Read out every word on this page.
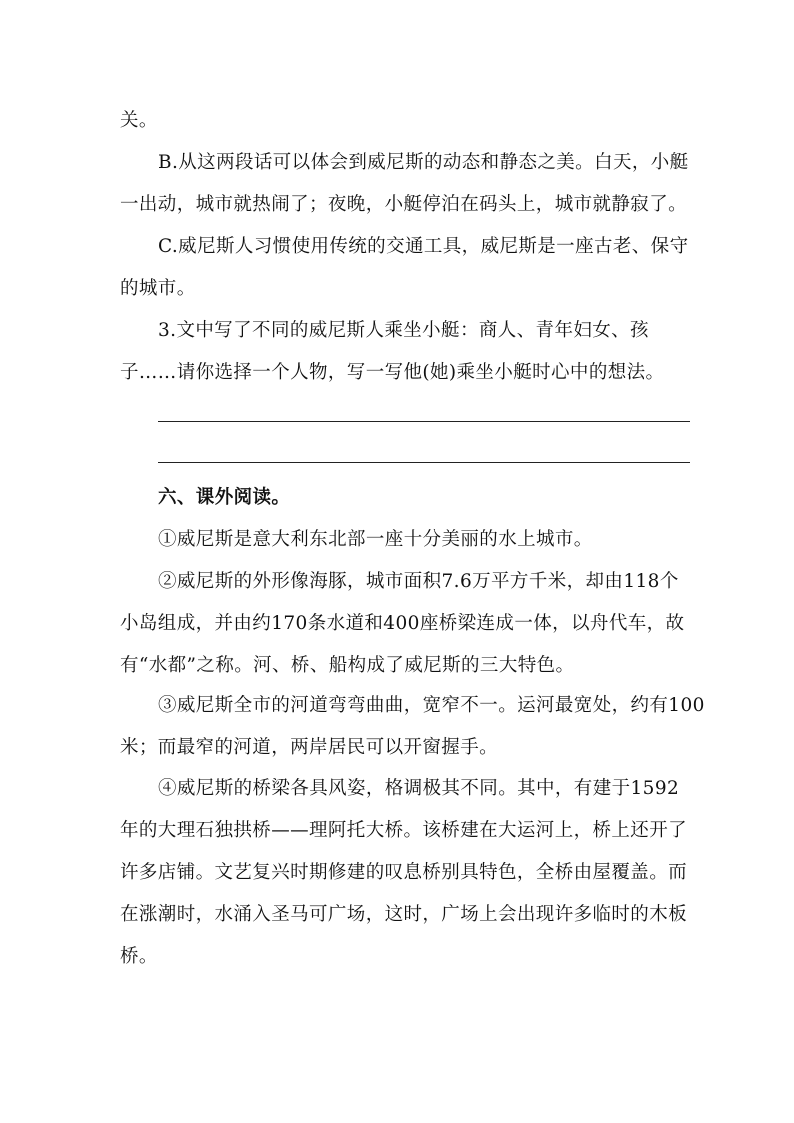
关。
B.从这两段话可以体会到威尼斯的动态和静态之美。白天，小艇
一出动，城市就热闹了；夜晚，小艇停泊在码头上，城市就静寂了。
C.威尼斯人习惯使用传统的交通工具，威尼斯是一座古老、保守
的城市。
3.文中写了不同的威尼斯人乘坐小艇：商人、青年妇女、孩
子……请你选择一个人物，写一写他(她)乘坐小艇时心中的想法。
六、课外阅读。
①威尼斯是意大利东北部一座十分美丽的水上城市。
②威尼斯的外形像海豚，城市面积7.6万平方千米，却由118个
小岛组成，并由约170条水道和400座桥梁连成一体，以舟代车，故
有“水都”之称。河、桥、船构成了威尼斯的三大特色。
③威尼斯全市的河道弯弯曲曲，宽窄不一。运河最宽处，约有100
米；而最窄的河道，两岸居民可以开窗握手。
④威尼斯的桥梁各具风姿，格调极其不同。其中，有建于1592
年的大理石独拱桥——理阿托大桥。该桥建在大运河上，桥上还开了
许多店铺。文艺复兴时期修建的叹息桥别具特色，全桥由屋覆盖。而
在涨潮时，水涌入圣马可广场，这时，广场上会出现许多临时的木板
桥。
